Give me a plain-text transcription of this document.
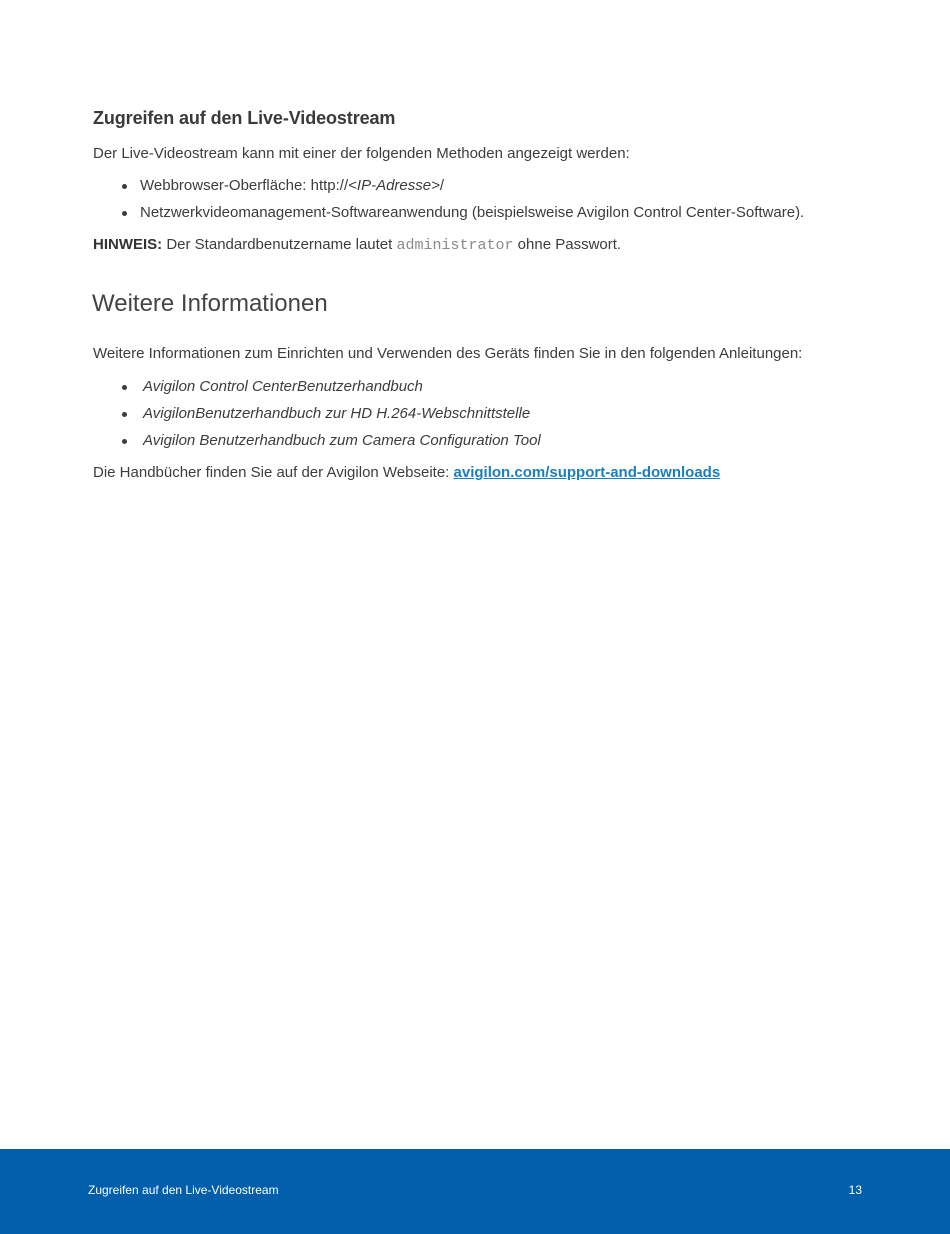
Zugreifen auf den Live-Videostream
Der Live-Videostream kann mit einer der folgenden Methoden angezeigt werden:
Webbrowser-Oberfläche: http://<IP-Adresse>/
Netzwerkvideomanagement-Softwareanwendung (beispielsweise Avigilon Control Center-Software).
HINWEIS: Der Standardbenutzername lautet administrator ohne Passwort.
Weitere Informationen
Weitere Informationen zum Einrichten und Verwenden des Geräts finden Sie in den folgenden Anleitungen:
Avigilon Control CenterBenutzerhandbuch
AvigilonBenutzerhandbuch zur HD H.264-Webschnittstelle
Avigilon Benutzerhandbuch zum Camera Configuration Tool
Die Handbücher finden Sie auf der Avigilon Webseite: avigilon.com/support-and-downloads
Zugreifen auf den Live-Videostream	13
